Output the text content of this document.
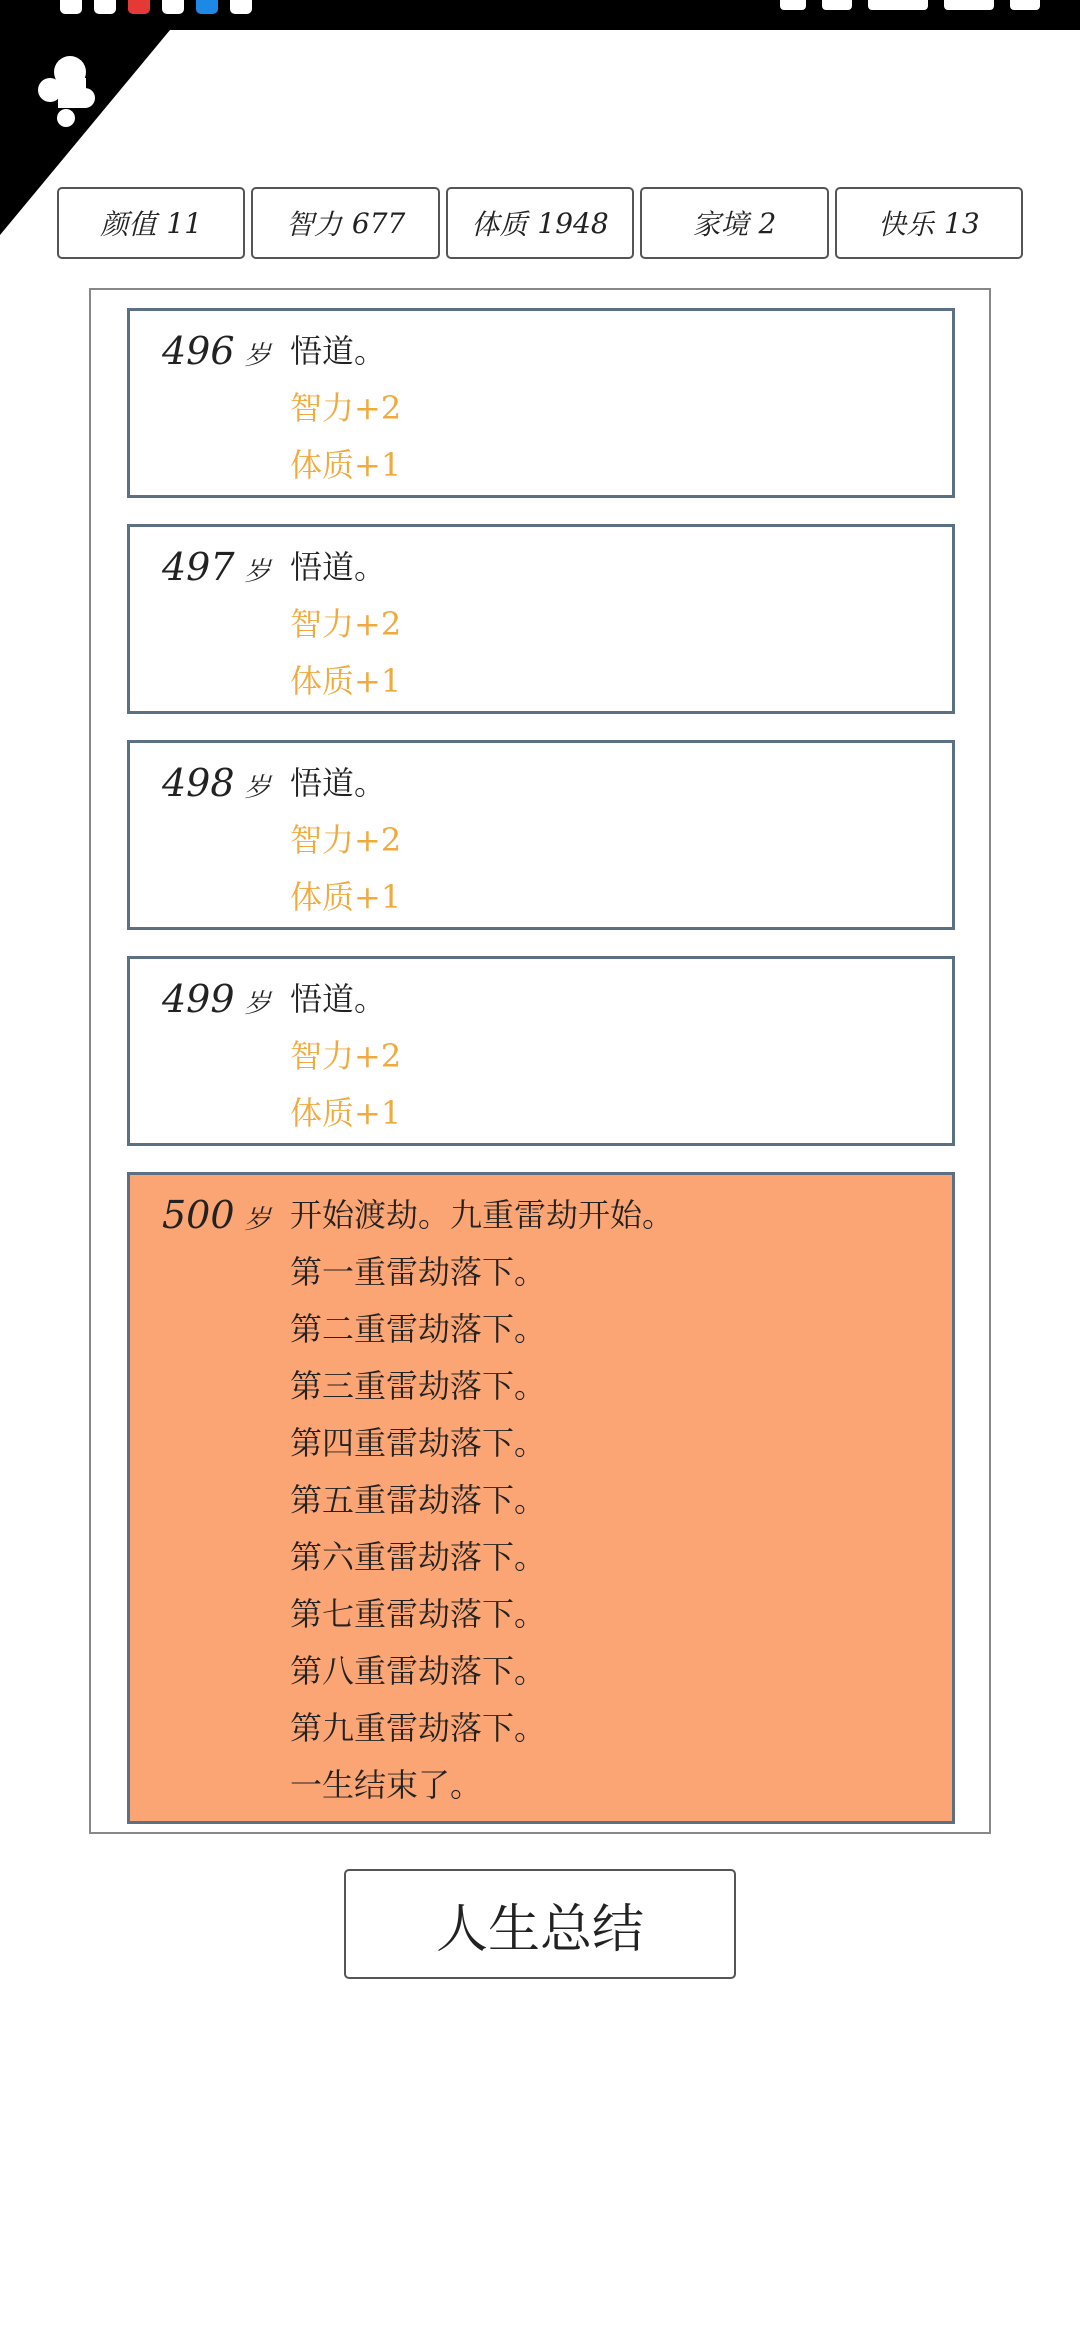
颜值 11	智力 677 体质 1948	家境 2	快乐 13
496 岁 悟道。
智力+2
体质+1
497 岁 悟道。
智力+2
体质+1
498 岁 悟道。
智力+2
体质+1
499 岁 悟道。
智力+2
体质+1
500 岁 开始渡劫。九重雷劫开始。
第一重雷劫落下。
第二重雷劫落下。
第三重雷劫落下。
第四重雷劫落下。
第五重雷劫落下。
第六重雷劫落下。
第七重雷劫落下。
第八重雷劫落下。
第九重雷劫落下。
一生结束了。
人生总结
